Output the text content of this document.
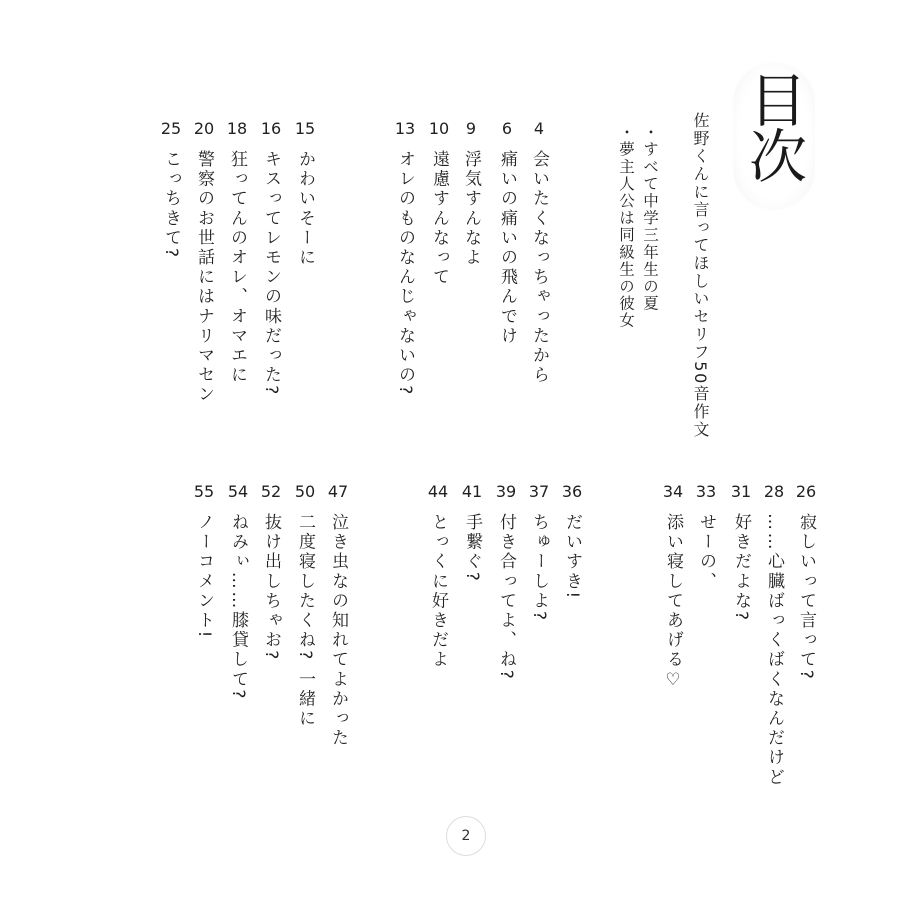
目次
佐野くんに言ってほしいセリフ50音作文
・すべて中学三年生の夏
・夢主人公は同級生の彼女
4
会いたくなっちゃったから
6
痛いの痛いの飛んでけ
9
浮気すんなよ
10
遠慮すんなって
13
オレのものなんじゃないの?
15
かわいそーに
16
キスってレモンの味だった?
18
狂ってんのオレ、オマエに
20
警察のお世話にはナリマセン
25
こっちきて?
26
寂しいって言って?
28
……心臓ばっくばくなんだけど
31
好きだよな?
33
せーの、
34
添い寝してあげる♡
36
だいすき!
37
ちゅーしよ?
39
付き合ってよ、ね?
41
手繋ぐ?
44
とっくに好きだよ
47
泣き虫なの知れてよかった
50
二度寝したくね? 一緒に
52
抜け出しちゃお?
54
ねみぃ……膝貸して?
55
ノーコメント!
2
